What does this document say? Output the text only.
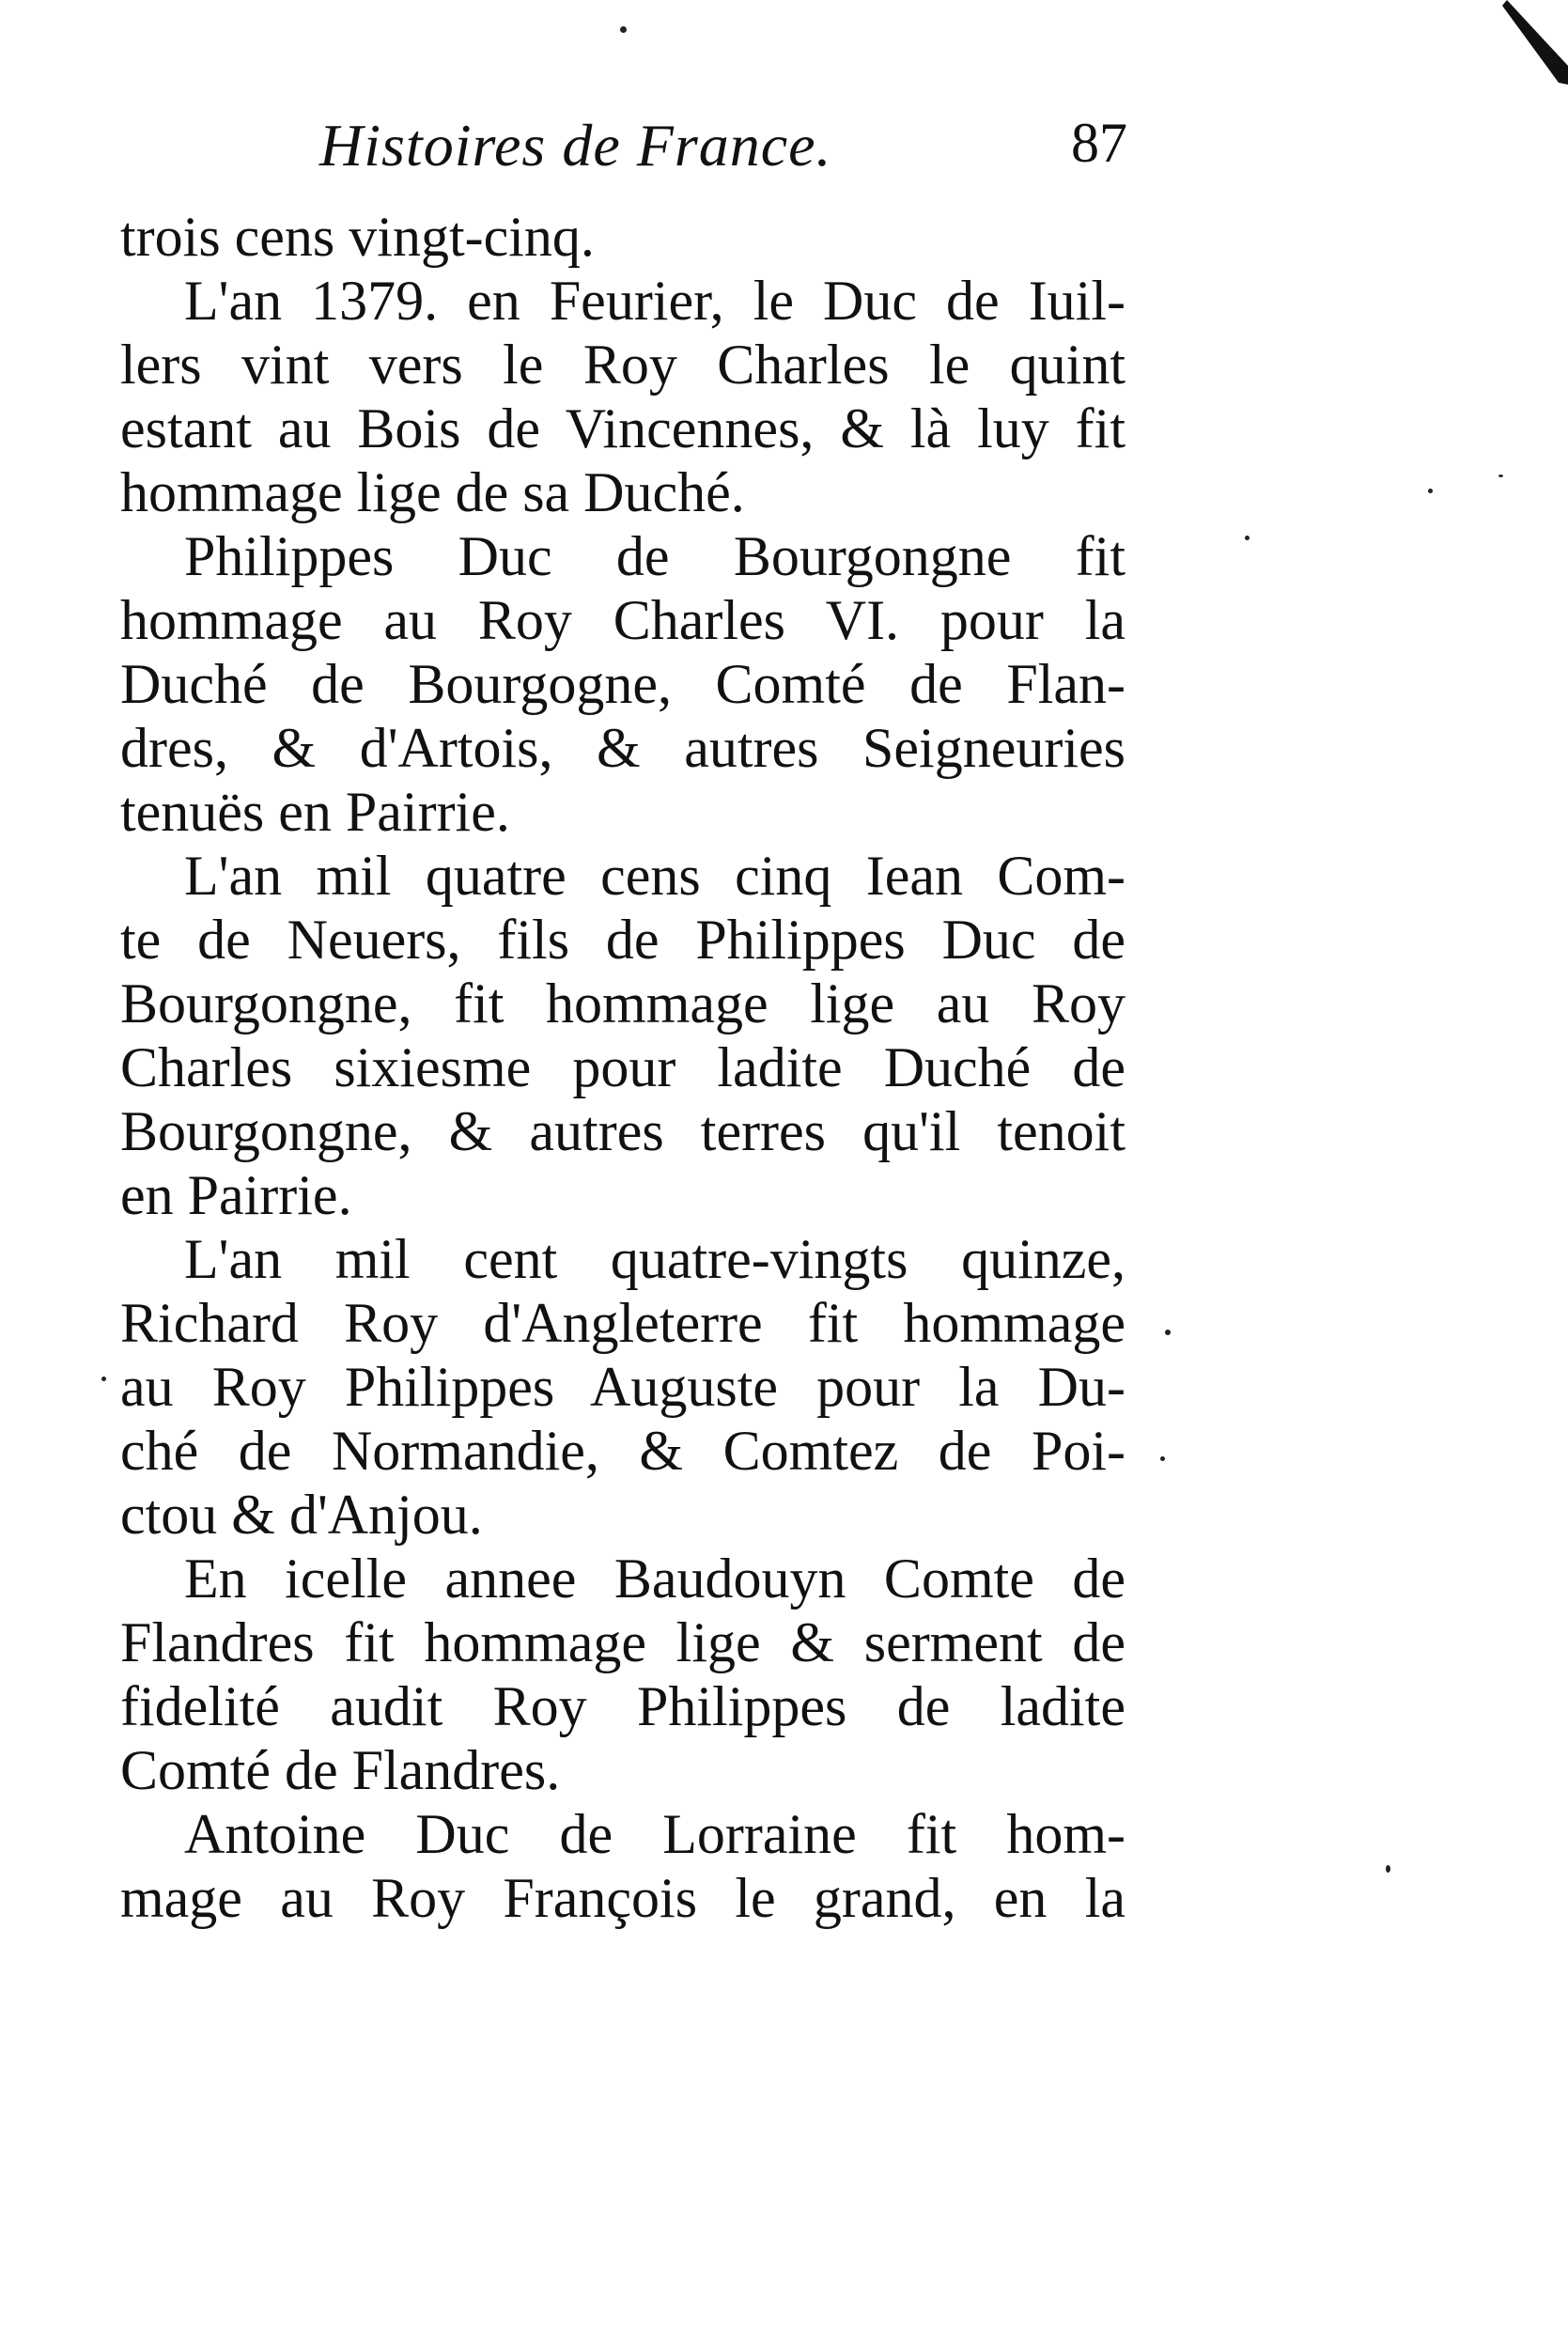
Histoires de France.	87
trois cens vingt-cinq.
L'an 1379. en Feurier, le Duc de Iuil-
lers vint vers le Roy Charles le quint
estant au Bois de Vincennes, & là luy fit
hommage lige de sa Duché.
Philippes Duc de Bourgongne fit
hommage au Roy Charles VI. pour la
Duché de Bourgogne, Comté de Flan-
dres, & d'Artois, & autres Seigneuries
tenuës en Pairrie.
L'an mil quatre cens cinq Iean Com-
te de Neuers, fils de Philippes Duc de
Bourgongne, fit hommage lige au Roy
Charles sixiesme pour ladite Duché de
Bourgongne, & autres terres qu'il tenoit
en Pairrie.
L'an mil cent quatre-vingts quinze,
Richard Roy d'Angleterre fit hommage
au Roy Philippes Auguste pour la Du-
ché de Normandie, & Comtez de Poi-
ctou & d'Anjou.
En icelle annee Baudouyn Comte de
Flandres fit hommage lige & serment de
fidelité audit Roy Philippes de ladite
Comté de Flandres.
Antoine Duc de Lorraine fit hom-
mage au Roy François le grand, en la
